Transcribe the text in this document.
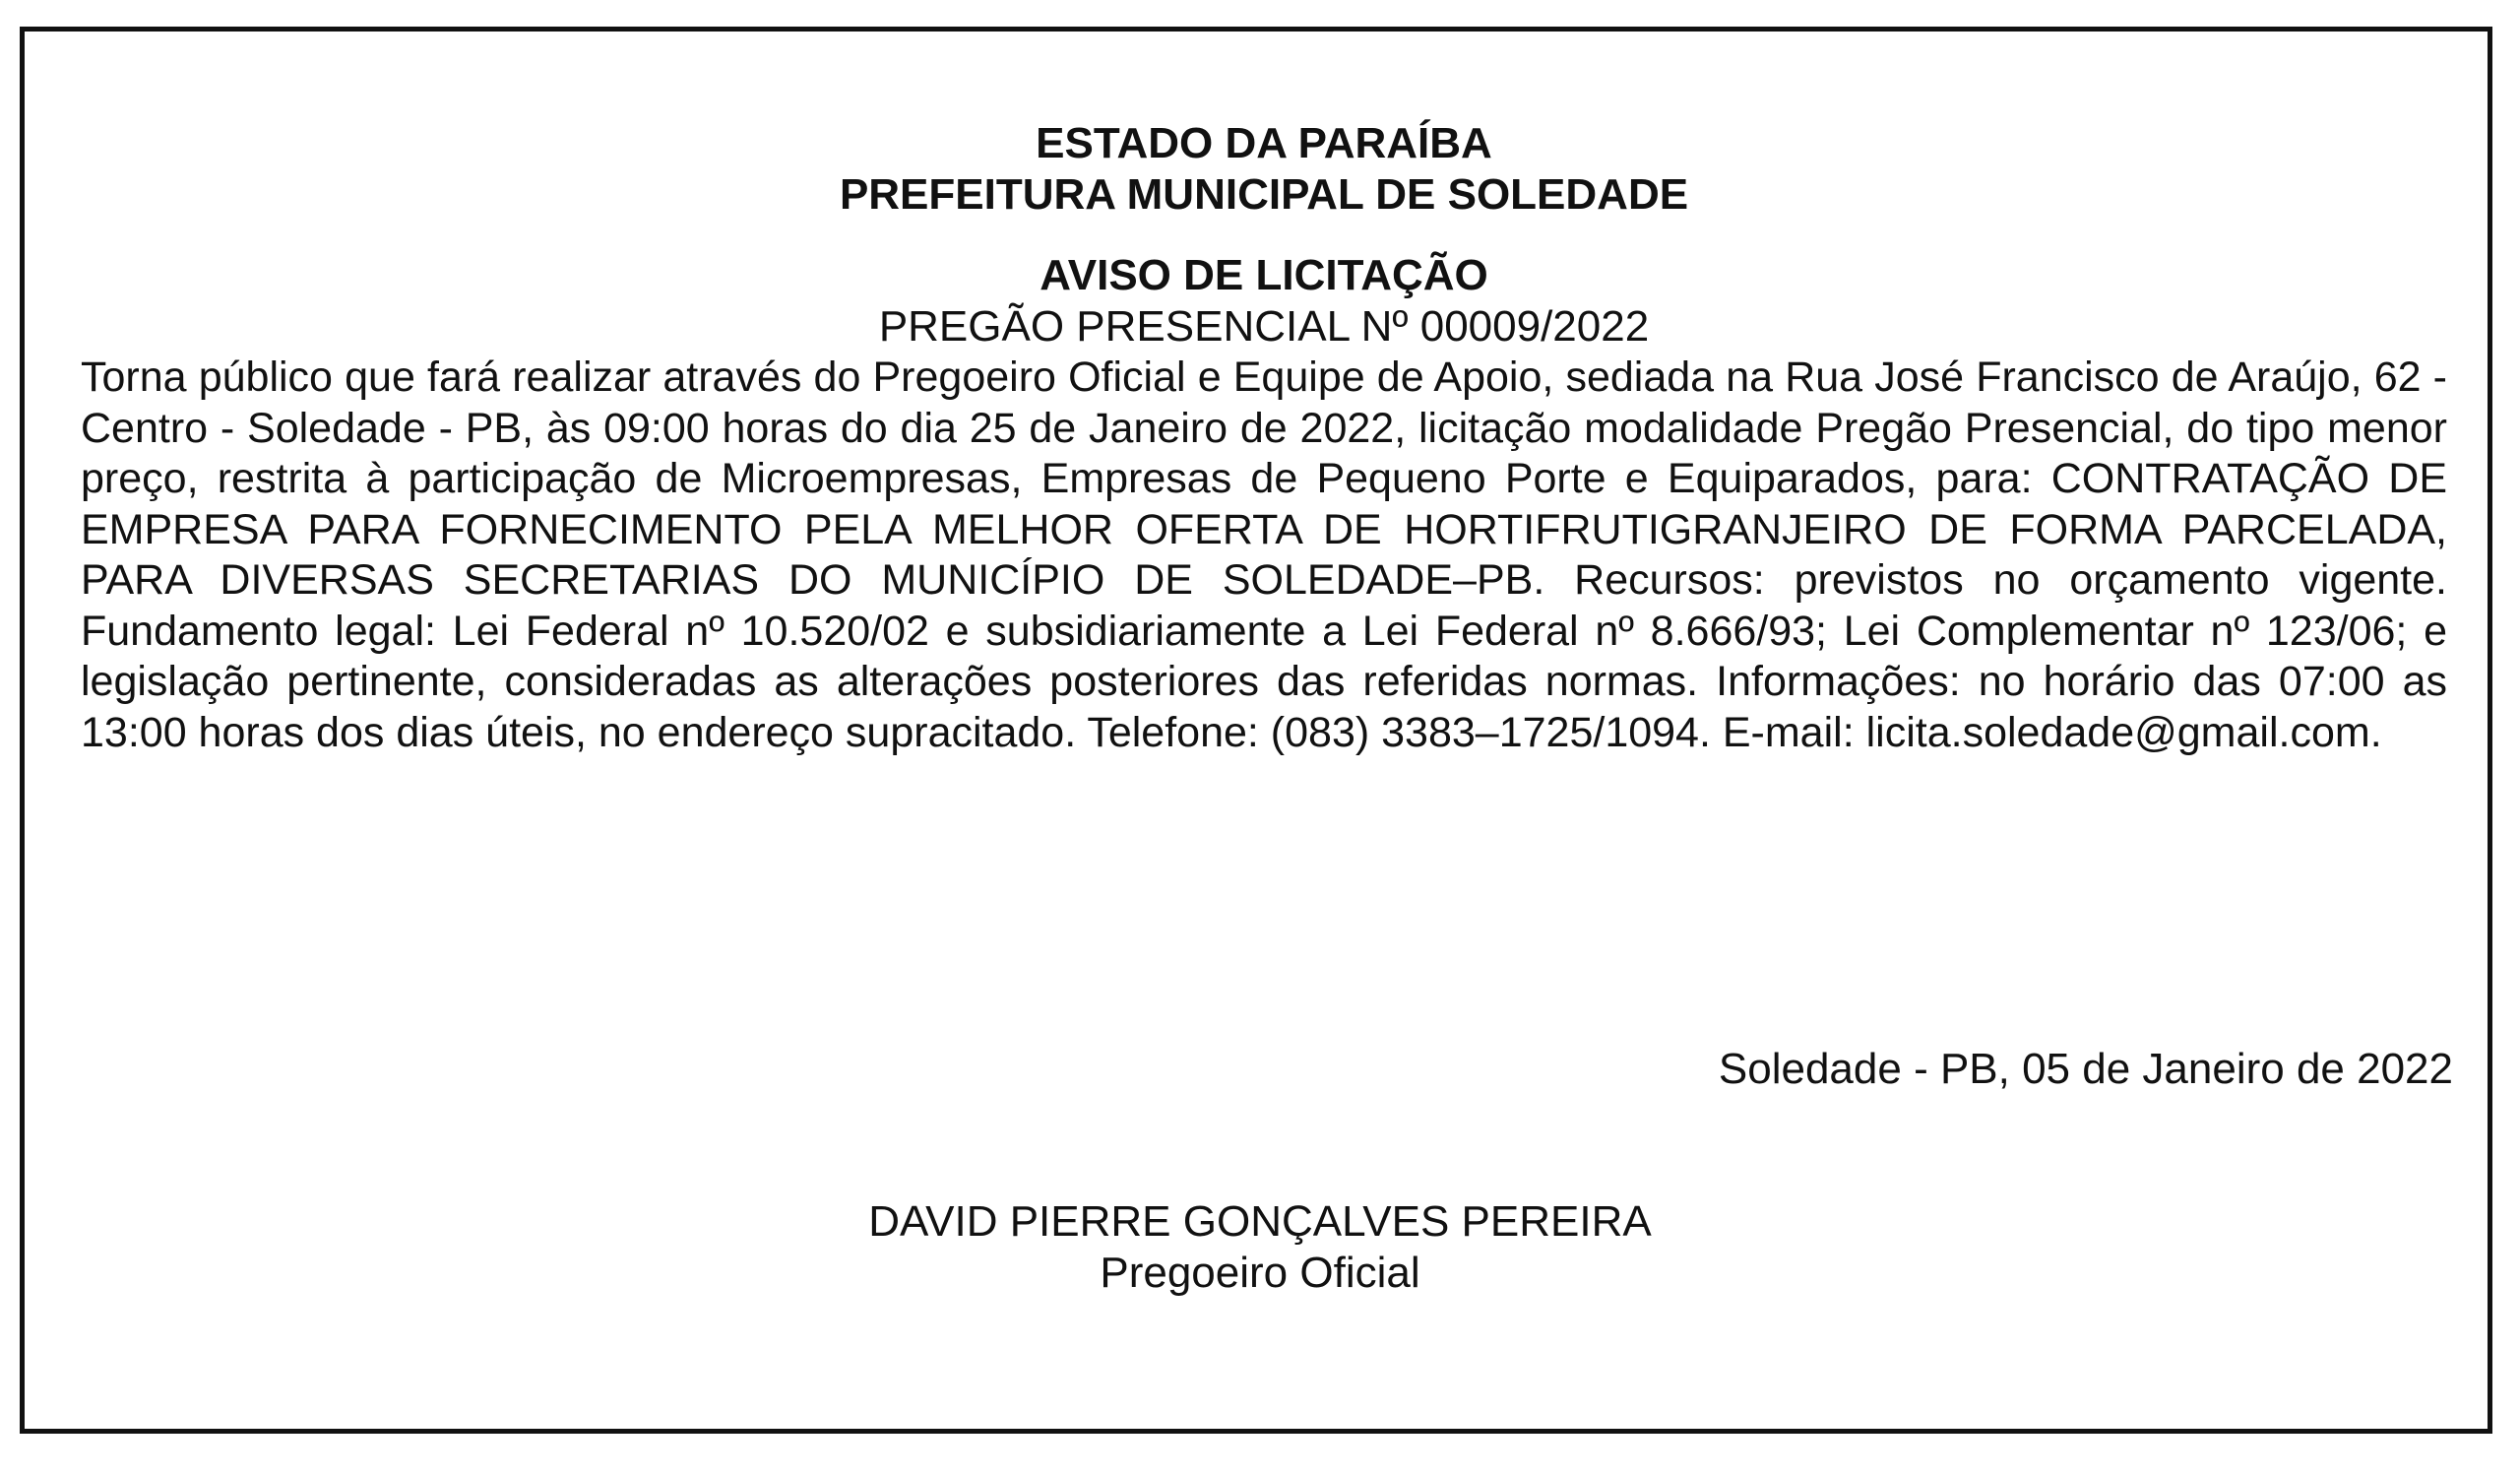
ESTADO DA PARAÍBA

PREFEITURA MUNICIPAL DE SOLEDADE

AVISO DE LICITAÇÃO

PREGÃO PRESENCIAL Nº 00009/2022

Torna público que fará realizar através do Pregoeiro Oficial e Equipe de Apoio, sediada na Rua José Francisco de Araújo, 62 - Centro - Soledade - PB, às 09:00 horas do dia 25 de Janeiro de 2022, licitação modalidade Pregão Presencial, do tipo menor preço, restrita à participação de Microempresas, Empresas de Pequeno Porte e Equiparados, para: CONTRATAÇÃO DE EMPRESA PARA FORNECIMENTO PELA MELHOR OFERTA DE HORTIFRUTIGRANJEIRO DE FORMA PARCELADA, PARA DIVERSAS SECRETARIAS DO MUNICÍPIO DE SOLEDADE–PB. Recursos: previstos no orçamento vigente. Fundamento legal: Lei Federal nº 10.520/02 e subsidiariamente a Lei Federal nº 8.666/93; Lei Complementar nº 123/06; e legislação pertinente, consideradas as alterações posteriores das referidas normas. Informações: no horário das 07:00 as 13:00 horas dos dias úteis, no endereço supracitado. Telefone: (083) 3383–1725/1094. E-mail: licita.soledade@gmail.com.

Soledade - PB, 05 de Janeiro de 2022

DAVID PIERRE GONÇALVES PEREIRA

Pregoeiro Oficial
